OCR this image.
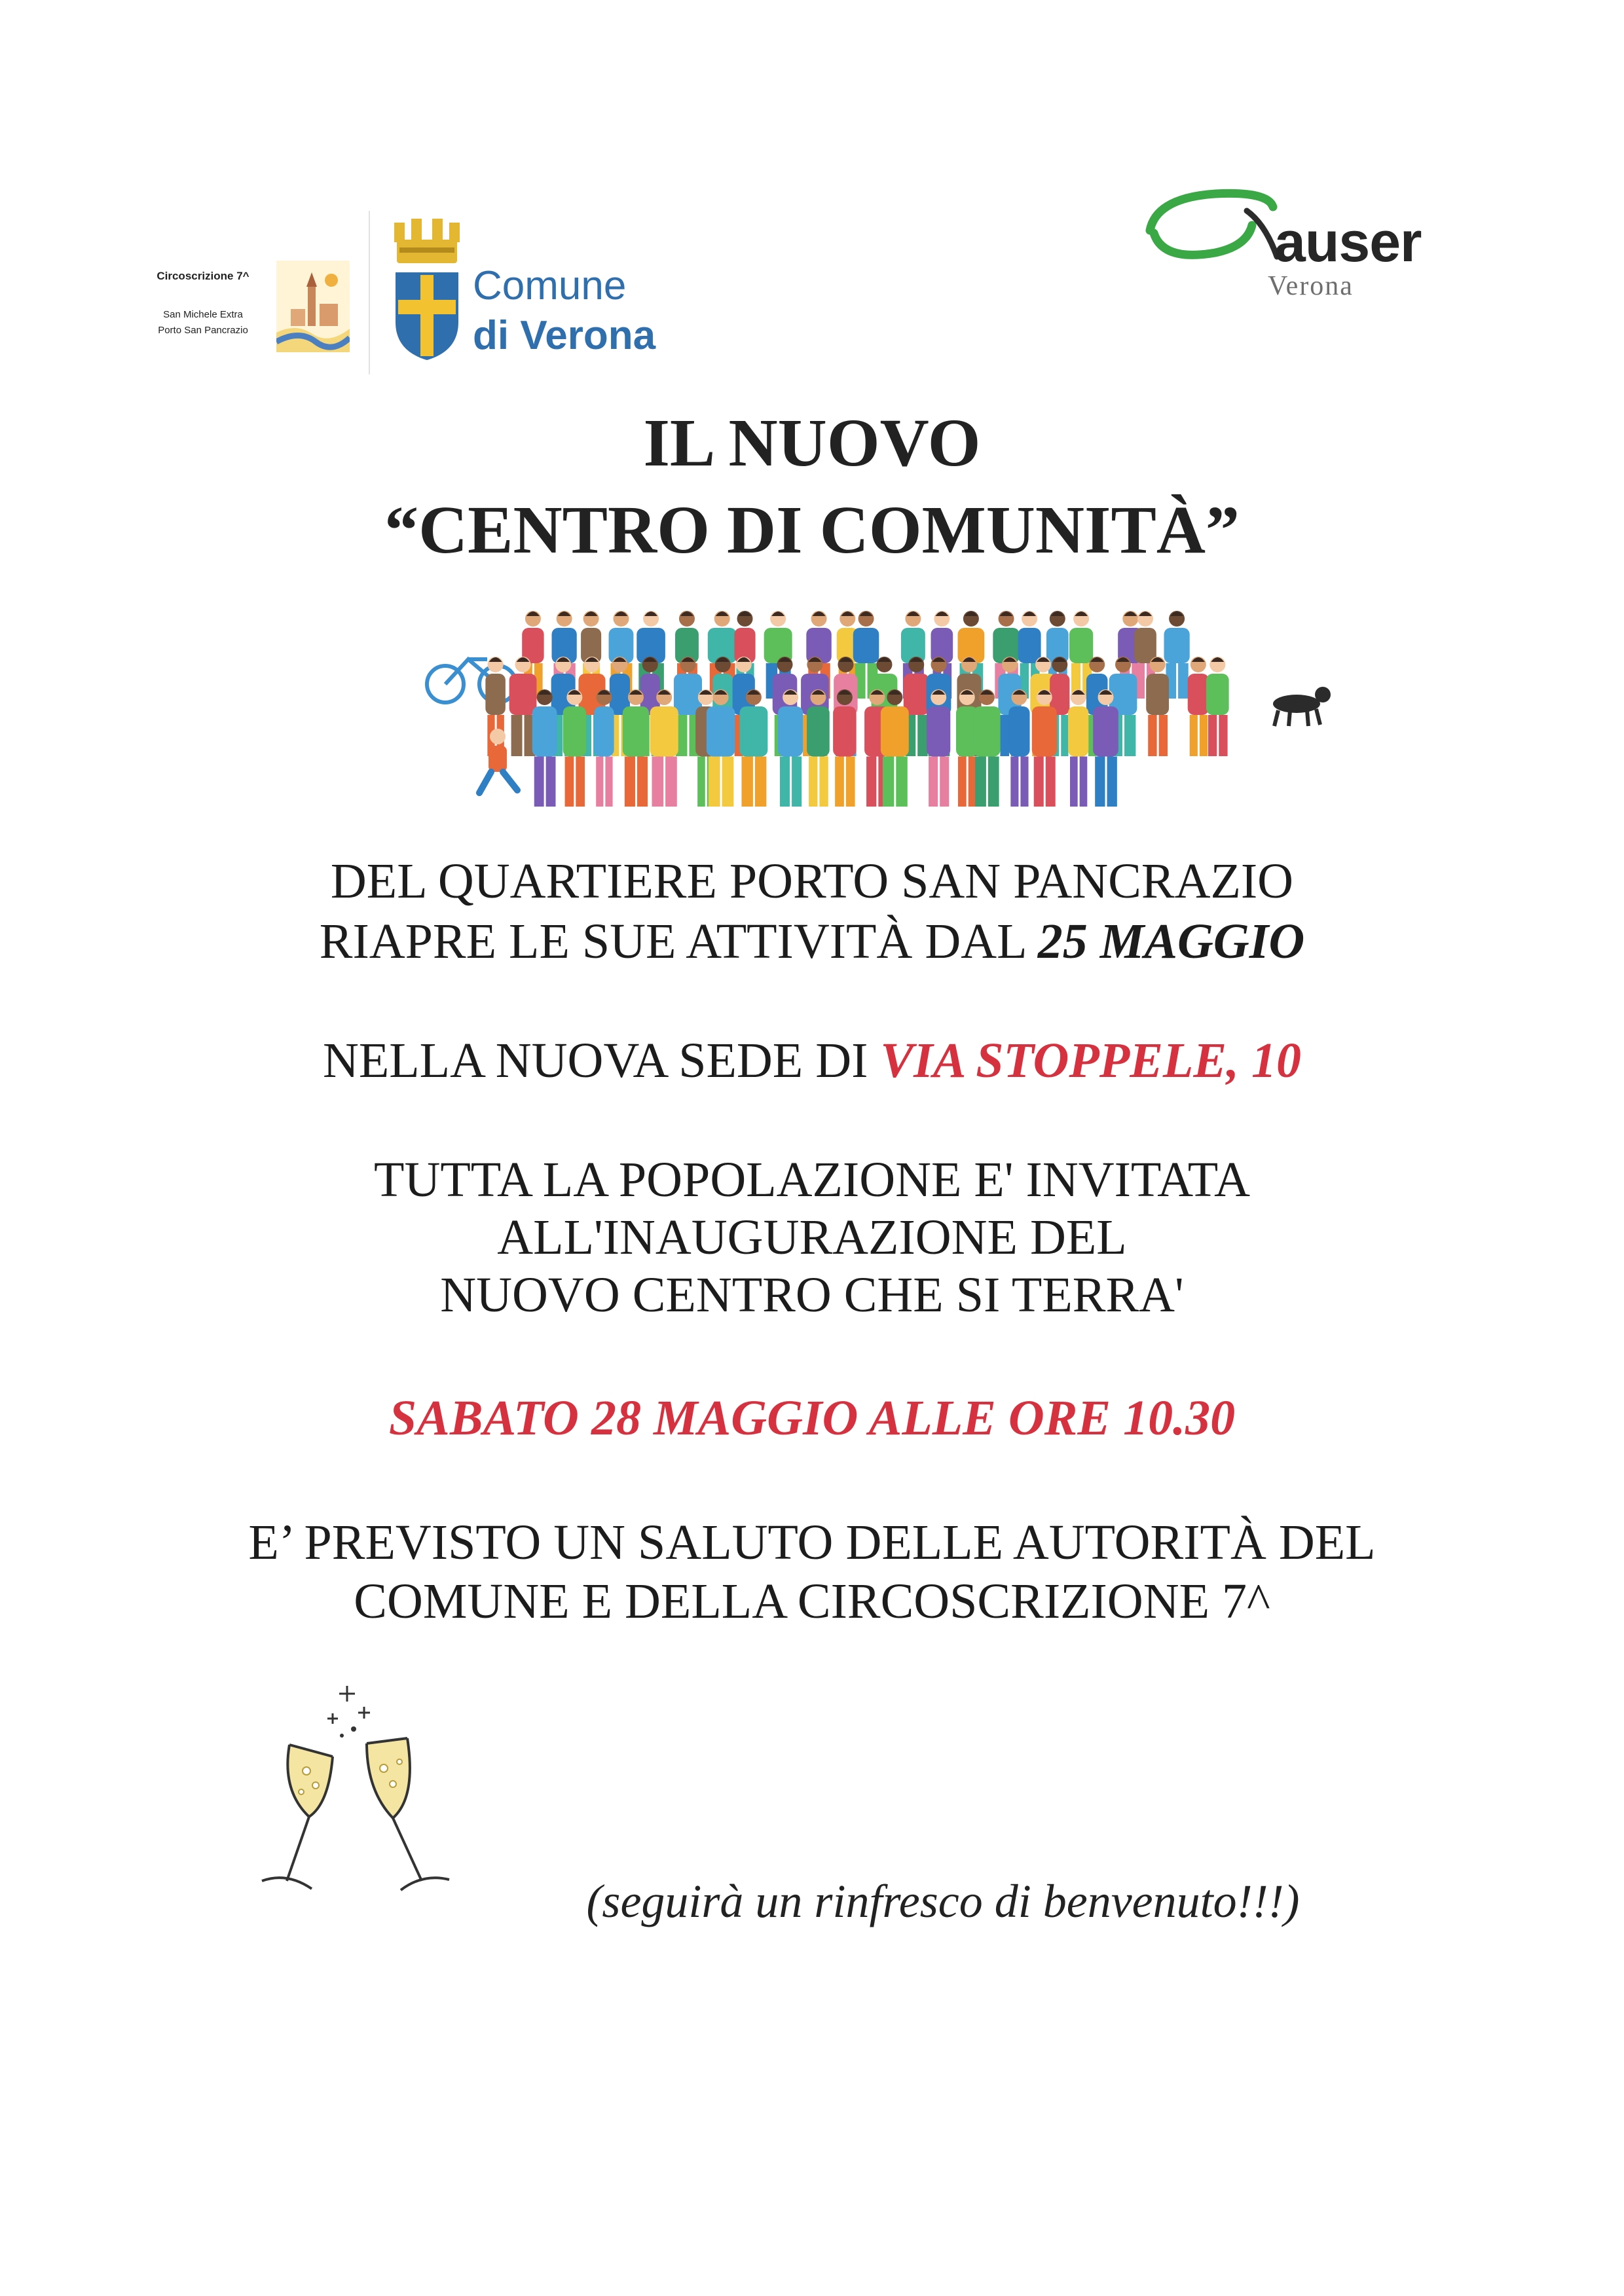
Circoscrizione 7^
San Michele Extra
Porto San Pancrazio
Comune
di Verona
auser
Verona
IL NUOVO
“CENTRO DI COMUNITÀ”
DEL QUARTIERE PORTO SAN PANCRAZIO
RIAPRE LE SUE ATTIVITÀ DAL 25 MAGGIO
NELLA NUOVA SEDE DI VIA STOPPELE, 10
TUTTA LA POPOLAZIONE E' INVITATA
ALL'INAUGURAZIONE DEL
NUOVO CENTRO CHE SI TERRA'
SABATO 28 MAGGIO ALLE ORE 10.30
E’ PREVISTO UN SALUTO DELLE AUTORITÀ DEL
COMUNE E DELLA CIRCOSCRIZIONE 7^
(seguirà un rinfresco di benvenuto!!!)
